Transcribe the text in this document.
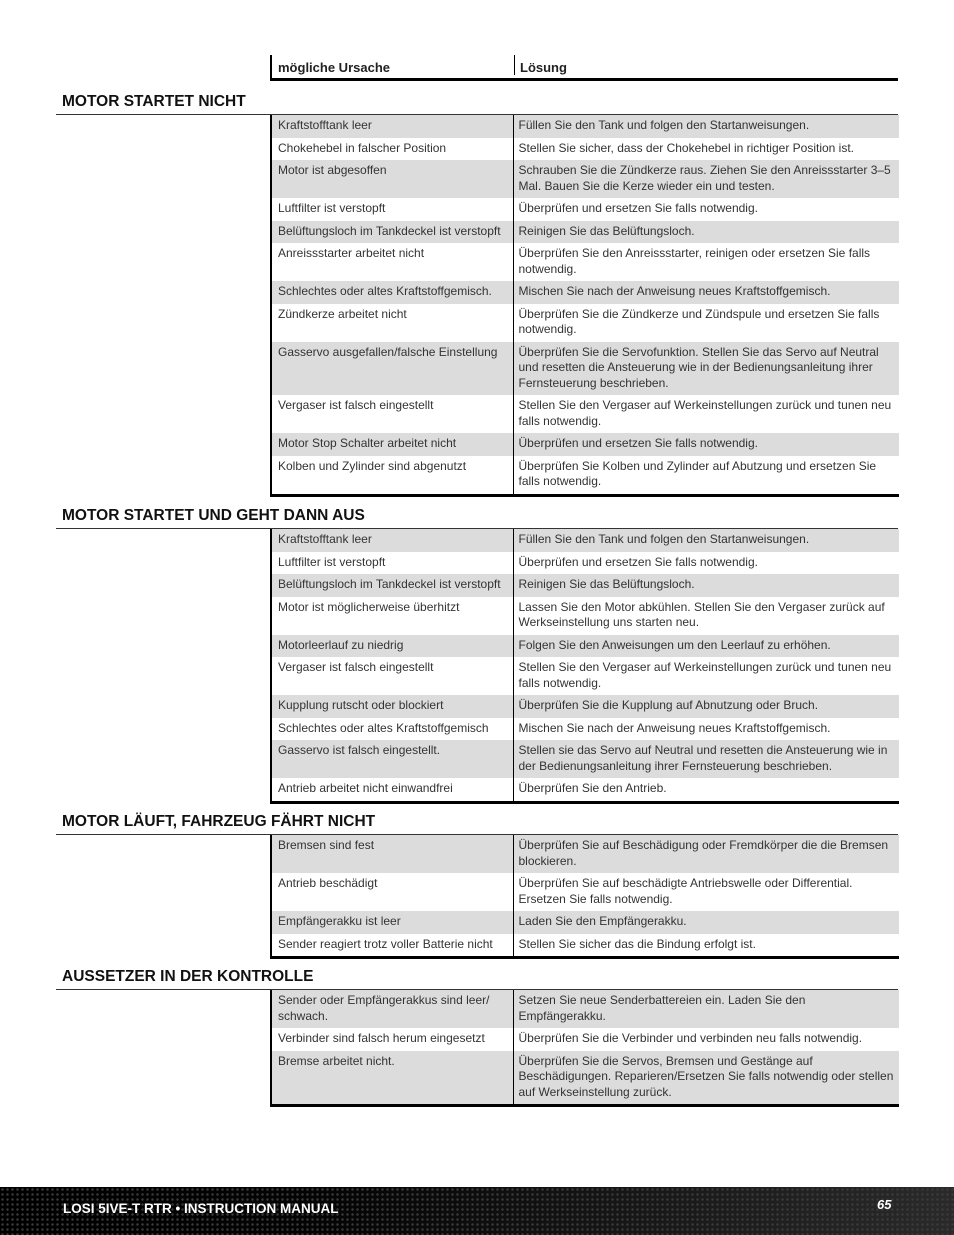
mögliche Ursache	Lösung
MOTOR STARTET NICHT
Kraftstofftank leer	Füllen Sie den Tank und folgen den Startanweisungen.
Chokehebel in falscher Position	Stellen Sie sicher, dass der Chokehebel in richtiger Position ist.
Motor ist abgesoffen	Schrauben Sie die Zündkerze raus. Ziehen Sie den Anreissstarter 3–5 Mal. Bauen Sie die Kerze wieder ein und testen.
Luftfilter ist verstopft	Überprüfen und ersetzen Sie falls notwendig.
Belüftungsloch im Tankdeckel ist verstopft	Reinigen Sie das Belüftungsloch.
Anreissstarter arbeitet nicht	Überprüfen Sie den Anreissstarter, reinigen oder ersetzen Sie falls notwendig.
Schlechtes oder altes Kraftstoffgemisch.	Mischen Sie nach der Anweisung neues Kraftstoffgemisch.
Zündkerze arbeitet nicht	Überprüfen Sie die Zündkerze und Zündspule und ersetzen Sie falls notwendig.
Gasservo ausgefallen/falsche Einstellung	Überprüfen Sie die Servofunktion. Stellen Sie das Servo auf Neutral und resetten die Ansteuerung wie in der Bedienungsanleitung ihrer Fernsteuerung beschrieben.
Vergaser ist falsch eingestellt	Stellen Sie den Vergaser auf Werkeinstellungen zurück und tunen neu falls notwendig.
Motor Stop Schalter arbeitet nicht	Überprüfen und ersetzen Sie falls notwendig.
Kolben und Zylinder sind abgenutzt	Überprüfen Sie Kolben und Zylinder auf Abutzung und ersetzen Sie falls notwendig.
MOTOR STARTET UND GEHT DANN AUS
Kraftstofftank leer	Füllen Sie den Tank und folgen den Startanweisungen.
Luftfilter ist verstopft	Überprüfen und ersetzen Sie falls notwendig.
Belüftungsloch im Tankdeckel ist verstopft	Reinigen Sie das Belüftungsloch.
Motor ist möglicherweise überhitzt	Lassen Sie den Motor abkühlen. Stellen Sie den Vergaser zurück auf Werkseinstellung uns starten neu.
Motorleerlauf zu niedrig	Folgen Sie den Anweisungen um den Leerlauf zu erhöhen.
Vergaser ist falsch eingestellt	Stellen Sie den Vergaser auf Werkeinstellungen zurück und tunen neu falls notwendig.
Kupplung rutscht oder blockiert	Überprüfen Sie die Kupplung auf Abnutzung oder Bruch.
Schlechtes oder altes Kraftstoffgemisch	Mischen Sie nach der Anweisung neues Kraftstoffgemisch.
Gasservo ist falsch eingestellt.	Stellen sie das Servo auf Neutral und resetten die Ansteuerung wie in der Bedienungsanleitung ihrer Fernsteuerung beschrieben.
Antrieb arbeitet nicht einwandfrei	Überprüfen Sie den Antrieb.
MOTOR LÄUFT, FAHRZEUG FÄHRT NICHT
Bremsen sind fest	Überprüfen Sie auf Beschädigung oder Fremdkörper die die Bremsen blockieren.
Antrieb beschädigt	Überprüfen Sie auf beschädigte Antriebswelle oder Differential. Ersetzen Sie falls notwendig.
Empfängerakku ist leer	Laden Sie den Empfängerakku.
Sender reagiert trotz voller Batterie nicht	Stellen Sie sicher das die Bindung erfolgt ist.
AUSSETZER IN DER KONTROLLE
Sender oder Empfängerakkus sind leer/ schwach.	Setzen Sie neue Senderbattereien ein. Laden Sie den Empfängerakku.
Verbinder sind falsch herum eingesetzt	Überprüfen Sie die Verbinder und verbinden neu falls notwendig.
Bremse arbeitet nicht.	Überprüfen Sie die Servos, Bremsen und Gestänge auf Beschädigungen. Reparieren/Ersetzen Sie falls notwendig oder stellen auf Werkseinstellung zurück.
LOSI 5IVE-T RTR • INSTRUCTION MANUAL	65
